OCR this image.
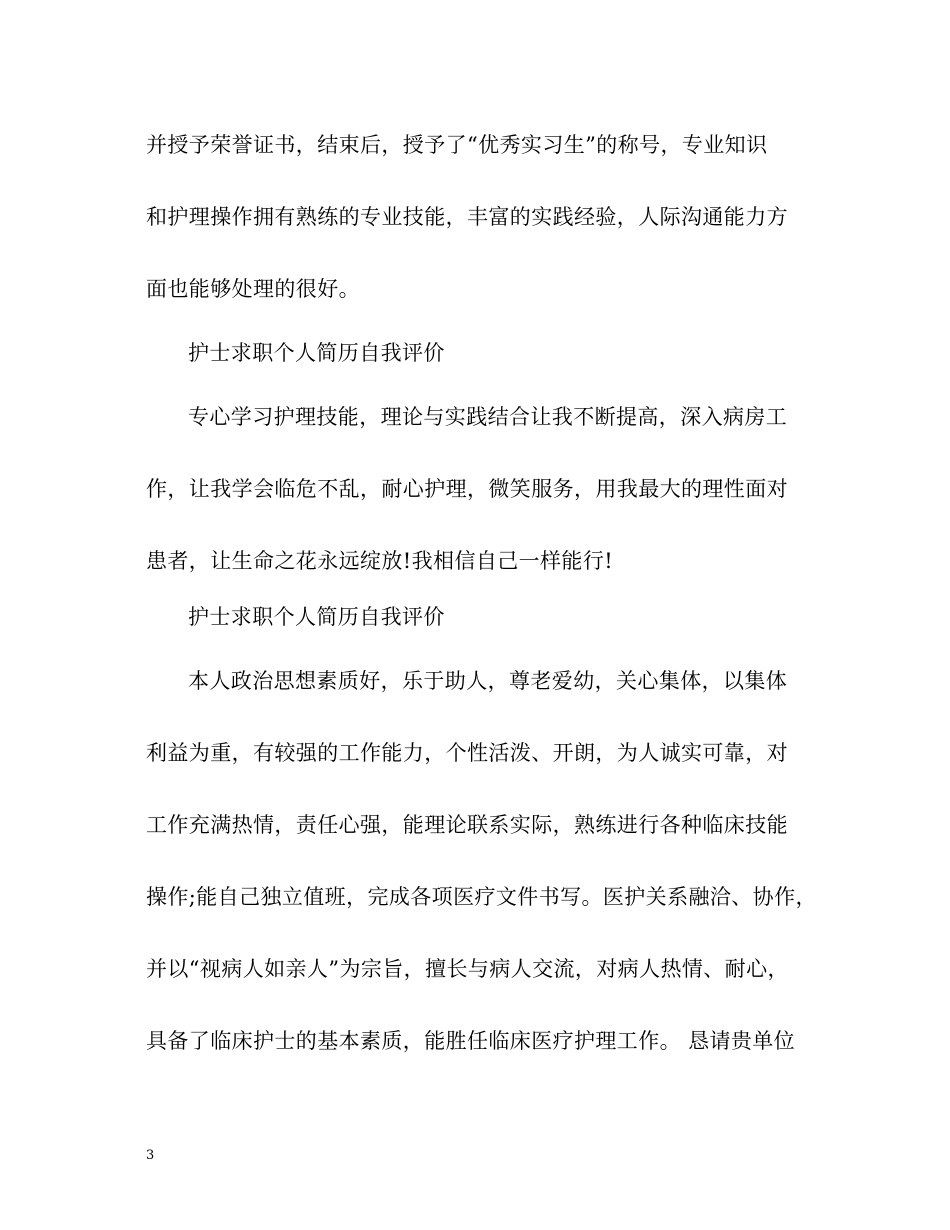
并授予荣誉证书，结束后，授予了“优秀实习生”的称号，专业知识
和护理操作拥有熟练的专业技能，丰富的实践经验，人际沟通能力方
面也能够处理的很好。
护士求职个人简历自我评价
专心学习护理技能，理论与实践结合让我不断提高，深入病房工
作，让我学会临危不乱，耐心护理，微笑服务，用我最大的理性面对
患者，让生命之花永远绽放!我相信自己一样能行!
护士求职个人简历自我评价
本人政治思想素质好，乐于助人，尊老爱幼，关心集体，以集体
利益为重，有较强的工作能力，个性活泼、开朗，为人诚实可靠，对
工作充满热情，责任心强，能理论联系实际，熟练进行各种临床技能
操作;能自己独立值班，完成各项医疗文件书写。医护关系融洽、协作，
并以“视病人如亲人”为宗旨，擅长与病人交流，对病人热情、耐心，
具备了临床护士的基本素质，能胜任临床医疗护理工作。 恳请贵单位
3
